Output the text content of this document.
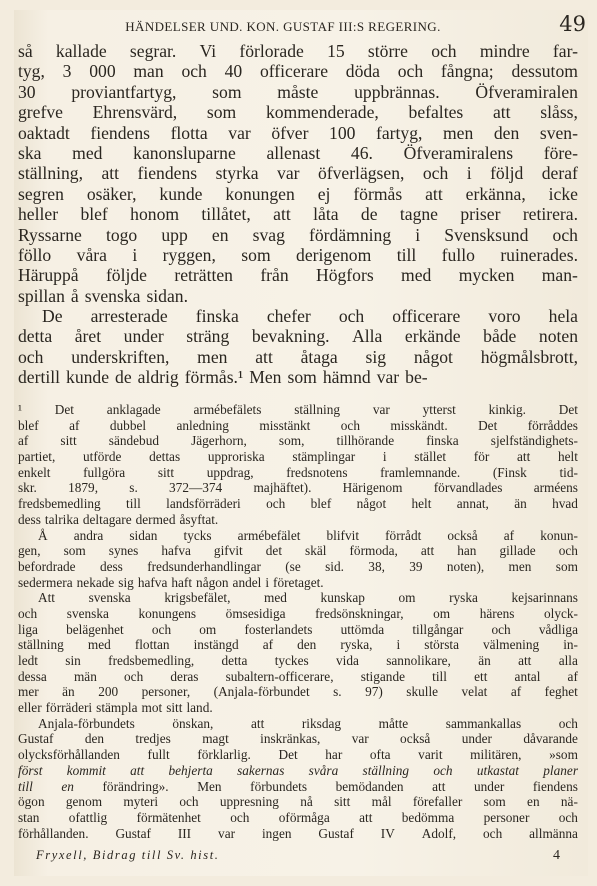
HÄNDELSER UND. KON. GUSTAF III:S REGERING.	49
så kallade segrar. Vi förlorade 15 större och mindre far-
tyg, 3 000 man och 40 officerare döda och fångna; dessutom
30 proviantfartyg, som måste uppbrännas. Öfveramiralen
grefve Ehrensvärd, som kommenderade, befaltes att slåss,
oaktadt fiendens flotta var öfver 100 fartyg, men den sven-
ska med kanonsluparne allenast 46. Öfveramiralens före-
ställning, att fiendens styrka var öfverlägsen, och i följd deraf
segren osäker, kunde konungen ej förmås att erkänna, icke
heller blef honom tillåtet, att låta de tagne priser retirera.
Ryssarne togo upp en svag fördämning i Svensksund och
föllo våra i ryggen, som derigenom till fullo ruinerades.
Häruppå följde reträtten från Högfors med mycken man-
spillan å svenska sidan.
De arresterade finska chefer och officerare voro hela
detta året under sträng bevakning. Alla erkände både noten
och underskriften, men att åtaga sig något högmålsbrott,
dertill kunde de aldrig förmås.¹ Men som hämnd var be-
¹ Det anklagade armébefälets ställning var ytterst kinkig. Det
blef af dubbel anledning misstänkt och misskändt. Det förråddes
af sitt sändebud Jägerhorn, som, tillhörande finska sjelfständighets-
partiet, utförde dettas upproriska stämplingar i stället för att helt
enkelt fullgöra sitt uppdrag, fredsnotens framlemnande. (Finsk tid-
skr. 1879, s. 372—374 majhäftet). Härigenom förvandlades arméens
fredsbemedling till landsförräderi och blef något helt annat, än hvad
dess talrika deltagare dermed åsyftat.
Å andra sidan tycks armébefälet blifvit förrådt också af konun-
gen, som synes hafva gifvit det skäl förmoda, att han gillade och
befordrade dess fredsunderhandlingar (se sid. 38, 39 noten), men som
sedermera nekade sig hafva haft någon andel i företaget.
Att	svenska	krigsbefälet,	med	kunskap	om	ryska	kejsarinnans
och svenska konungens ömsesidiga fredsönskningar, om härens olyck-
liga belägenhet och om fosterlandets uttömda tillgångar och vådliga
ställning med flottan instängd af den ryska, i största välmening in-
ledt sin fredsbemedling, detta tyckes vida sannolikare, än att alla
dessa män och deras subaltern-officerare, stigande till ett antal af
mer än 200 personer, (Anjala-förbundet s. 97) skulle velat af feghet
eller förräderi stämpla mot sitt land.
Anjala-förbundets	önskan,	att	riksdag	måtte	sammankallas	och
Gustaf den tredjes magt inskränkas, var också under dåvarande
olycksförhållanden fullt förklarlig. Det har ofta varit militären, »som
först kommit att behjerta sakernas svåra ställning och utkastat planer
till en förändring». Men förbundets bemödanden att under fiendens
ögon genom myteri och uppresning nå sitt mål förefaller som en nä-
stan ofattlig förmätenhet och oförmåga att bedömma personer och
förhållanden. Gustaf III var ingen Gustaf IV Adolf, och allmänna
Fryxell, Bidrag till Sv. hist.	4
